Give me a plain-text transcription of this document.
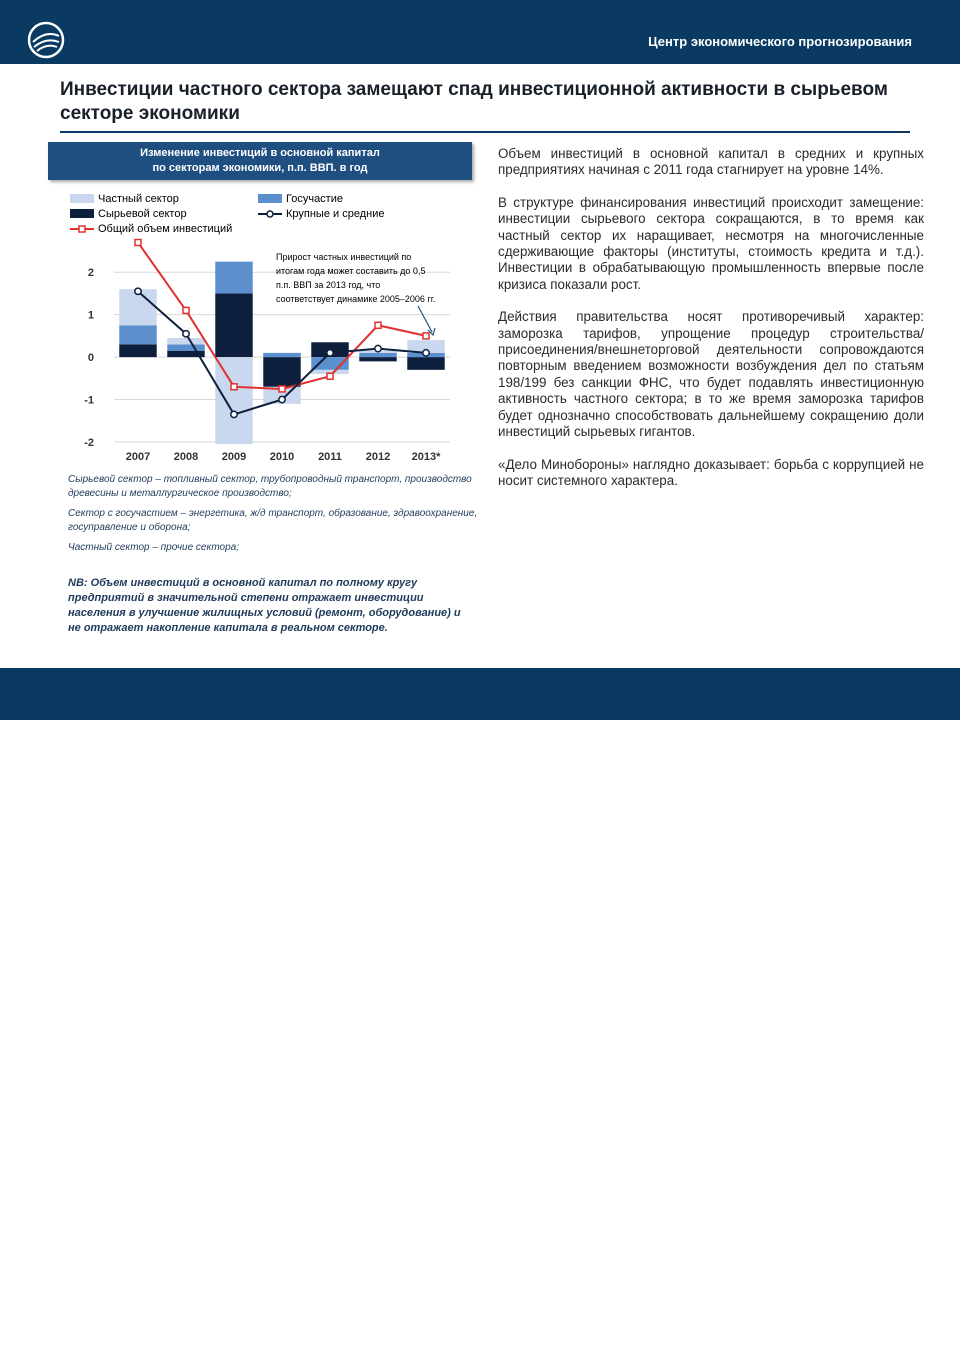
Центр экономического прогнозирования
Инвестиции частного сектора замещают спад инвестиционной активности в сырьевом секторе экономики
Изменение инвестиций в основной капитал
по секторам экономики, п.п. ВВП. в год
Частный сектор	Госучастие
Сырьевой сектор	Крупные и средние
Общий объем инвестиций
-2
-1
0
1
2
2007 2008 2009 2010 2011 2012 2013*
Прирост частных инвестиций по
итогам года может составить до 0,5
п.п. ВВП за 2013 год, что
соответствует динамике 2005–2006 гг.

Сырьевой сектор – топливный сектор, трубопроводный транспорт, производство древесины и металлургическое производство;

Сектор с госучастием – энергетика, ж/д транспорт, образование, здравоохранение, госуправление и оборона;

Частный сектор – прочие сектора;

NB: Объем инвестиций в основной капитал по полному кругу предприятий в значительной степени отражает инвестиции населения в улучшение жилищных условий (ремонт, оборудование) и не отражает накопление капитала в реальном секторе.

Объем инвестиций в основной капитал в средних и крупных предприятиях начиная с 2011 года стагнирует на уровне 14%.

В структуре финансирования инвестиций происходит замещение: инвестиции сырьевого сектора сокращаются, в то время как частный сектор их наращивает, несмотря на многочисленные сдерживающие факторы (институты, стоимость кредита и т.д.). Инвестиции в обрабатывающую промышленность впервые после кризиса показали рост.

Действия правительства носят противоречивый характер: заморозка тарифов, упрощение процедур строительства/присоединения/внешнеторговой деятельности сопровождаются повторным введением возможности возбуждения дел по статьям 198/199 без санкции ФНС, что будет подавлять инвестиционную активность частного сектора; в то же время заморозка тарифов будет однозначно способствовать дальнейшему сокращению доли инвестиций сырьевых гигантов.

«Дело Минобороны» наглядно доказывает: борьба с коррупцией не носит системного характера.

Источник: Банк России, Росстат, расчеты Газпромбанка	11
MyShared
